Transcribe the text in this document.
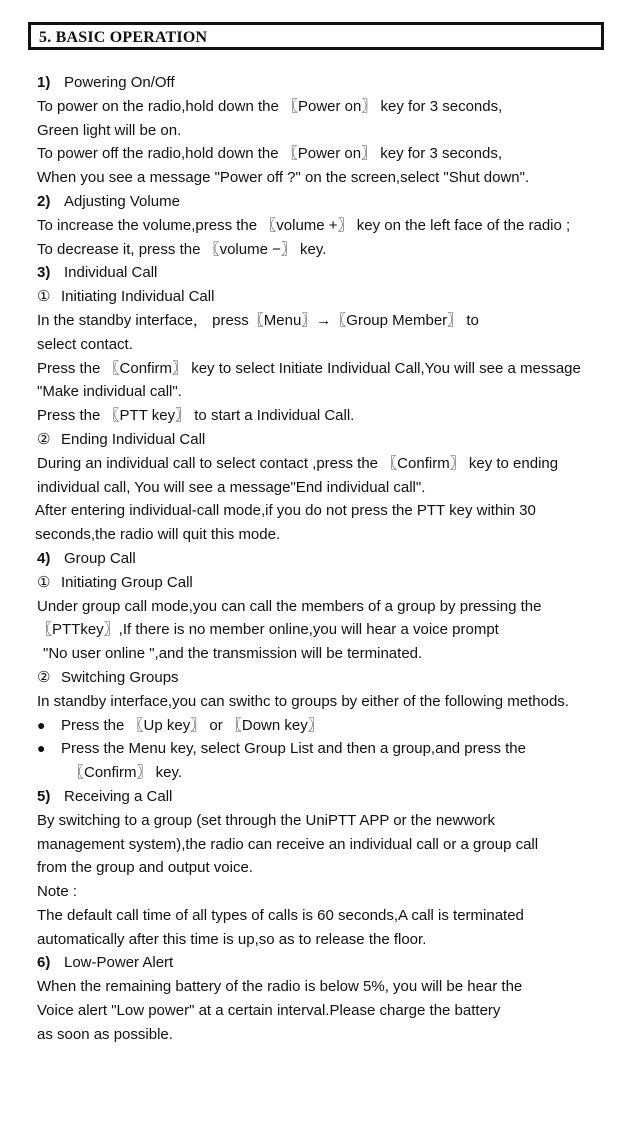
5. BASIC OPERATION
1) Powering On/Off
To power on the radio,hold down the 〖Power on〗 key for 3 seconds,
Green light will be on.
To power off the radio,hold down the 〖Power on〗 key for 3 seconds,
When you see a message "Power off ?" on the screen,select "Shut down".
2) Adjusting Volume
To increase the volume,press the 〖volume +〗 key on the left face of the radio ;
To decrease it, press the 〖volume −〗 key.
3) Individual Call
① Initiating Individual Call
In the standby interface， press〖Menu〗→〖Group Member〗 to
select contact.
Press the 〖Confirm〗 key to select Initiate Individual Call,You will see a message
"Make individual call".
Press the 〖PTT key〗 to start a Individual Call.
② Ending Individual Call
During an individual call to select contact ,press the 〖Confirm〗 key to ending
individual call, You will see a message"End individual call".
After entering individual-call mode,if you do not press the PTT key within 30
seconds,the radio will quit this mode.
4) Group Call
① Initiating Group Call
Under group call mode,you can call the members of a group by pressing the
〖PTTkey〗,If there is no member online,you will hear a voice prompt
"No user online ",and the transmission will be terminated.
② Switching Groups
In standby interface,you can swithc to groups by either of the following methods.
● Press the 〖Up key〗 or 〖Down key〗
● Press the Menu key, select Group List and then a group,and press the
〖Confirm〗 key.
5) Receiving a Call
By switching to a group (set through the UniPTT APP or the newwork
management system),the radio can receive an individual call or a group call
from the group and output voice.
Note :
The default call time of all types of calls is 60 seconds,A call is terminated
automatically after this time is up,so as to release the floor.
6) Low-Power Alert
When the remaining battery of the radio is below 5%, you will be hear the
Voice alert "Low power" at a certain interval.Please charge the battery
as soon as possible.
